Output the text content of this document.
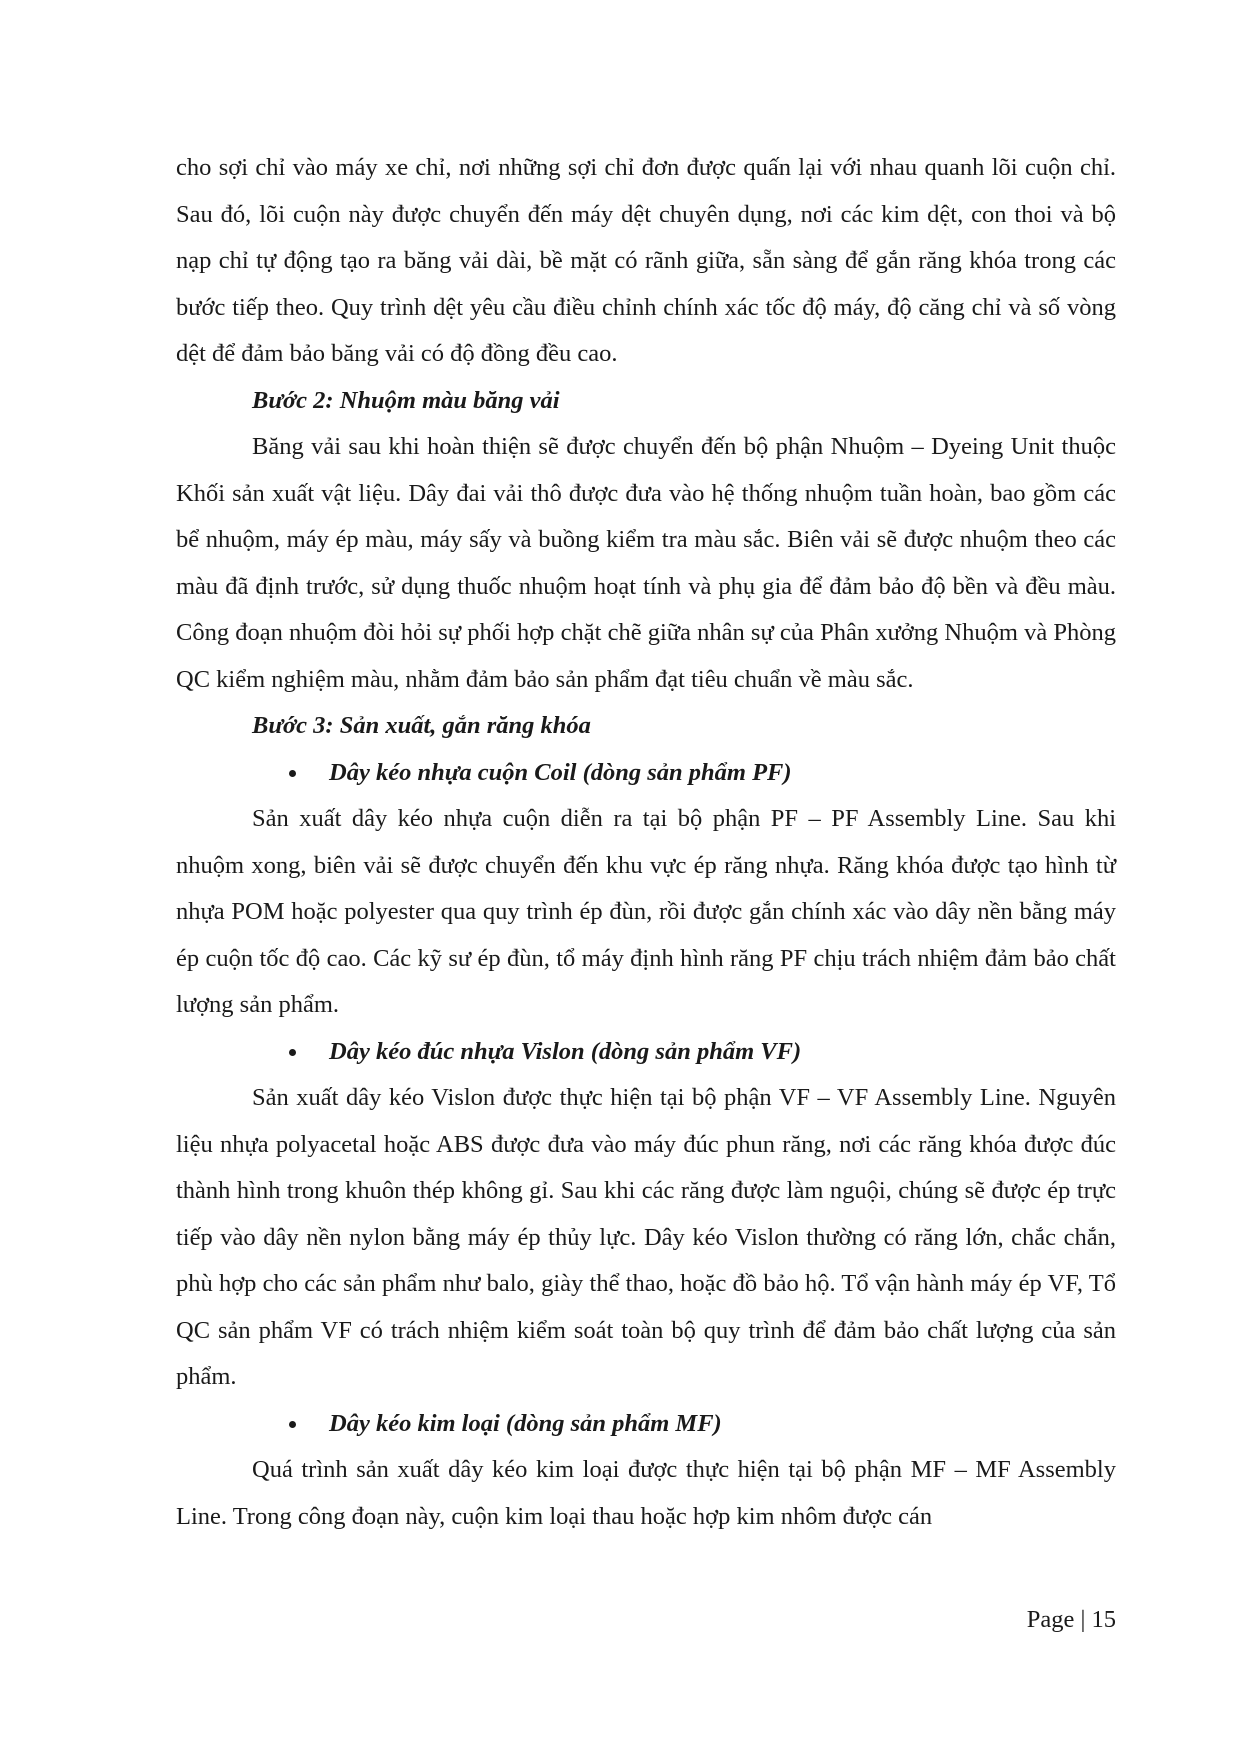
cho sợi chỉ vào máy xe chỉ, nơi những sợi chỉ đơn được quấn lại với nhau quanh lõi cuộn chỉ. Sau đó, lõi cuộn này được chuyển đến máy dệt chuyên dụng, nơi các kim dệt, con thoi và bộ nạp chỉ tự động tạo ra băng vải dài, bề mặt có rãnh giữa, sẵn sàng để gắn răng khóa trong các bước tiếp theo. Quy trình dệt yêu cầu điều chỉnh chính xác tốc độ máy, độ căng chỉ và số vòng dệt để đảm bảo băng vải có độ đồng đều cao.

Bước 2: Nhuộm màu băng vải

Băng vải sau khi hoàn thiện sẽ được chuyển đến bộ phận Nhuộm – Dyeing Unit thuộc Khối sản xuất vật liệu. Dây đai vải thô được đưa vào hệ thống nhuộm tuần hoàn, bao gồm các bể nhuộm, máy ép màu, máy sấy và buồng kiểm tra màu sắc. Biên vải sẽ được nhuộm theo các màu đã định trước, sử dụng thuốc nhuộm hoạt tính và phụ gia để đảm bảo độ bền và đều màu. Công đoạn nhuộm đòi hỏi sự phối hợp chặt chẽ giữa nhân sự của Phân xưởng Nhuộm và Phòng QC kiểm nghiệm màu, nhằm đảm bảo sản phẩm đạt tiêu chuẩn về màu sắc.

Bước 3: Sản xuất, gắn răng khóa

Dây kéo nhựa cuộn Coil (dòng sản phẩm PF)

Sản xuất dây kéo nhựa cuộn diễn ra tại bộ phận PF – PF Assembly Line. Sau khi nhuộm xong, biên vải sẽ được chuyển đến khu vực ép răng nhựa. Răng khóa được tạo hình từ nhựa POM hoặc polyester qua quy trình ép đùn, rồi được gắn chính xác vào dây nền bằng máy ép cuộn tốc độ cao. Các kỹ sư ép đùn, tổ máy định hình răng PF chịu trách nhiệm đảm bảo chất lượng sản phẩm.

Dây kéo đúc nhựa Vislon (dòng sản phẩm VF)

Sản xuất dây kéo Vislon được thực hiện tại bộ phận VF – VF Assembly Line. Nguyên liệu nhựa polyacetal hoặc ABS được đưa vào máy đúc phun răng, nơi các răng khóa được đúc thành hình trong khuôn thép không gỉ. Sau khi các răng được làm nguội, chúng sẽ được ép trực tiếp vào dây nền nylon bằng máy ép thủy lực. Dây kéo Vislon thường có răng lớn, chắc chắn, phù hợp cho các sản phẩm như balo, giày thể thao, hoặc đồ bảo hộ. Tổ vận hành máy ép VF, Tổ QC sản phẩm VF có trách nhiệm kiểm soát toàn bộ quy trình để đảm bảo chất lượng của sản phẩm.

Dây kéo kim loại (dòng sản phẩm MF)

Quá trình sản xuất dây kéo kim loại được thực hiện tại bộ phận MF – MF Assembly Line. Trong công đoạn này, cuộn kim loại thau hoặc hợp kim nhôm được cán

Page | 15
